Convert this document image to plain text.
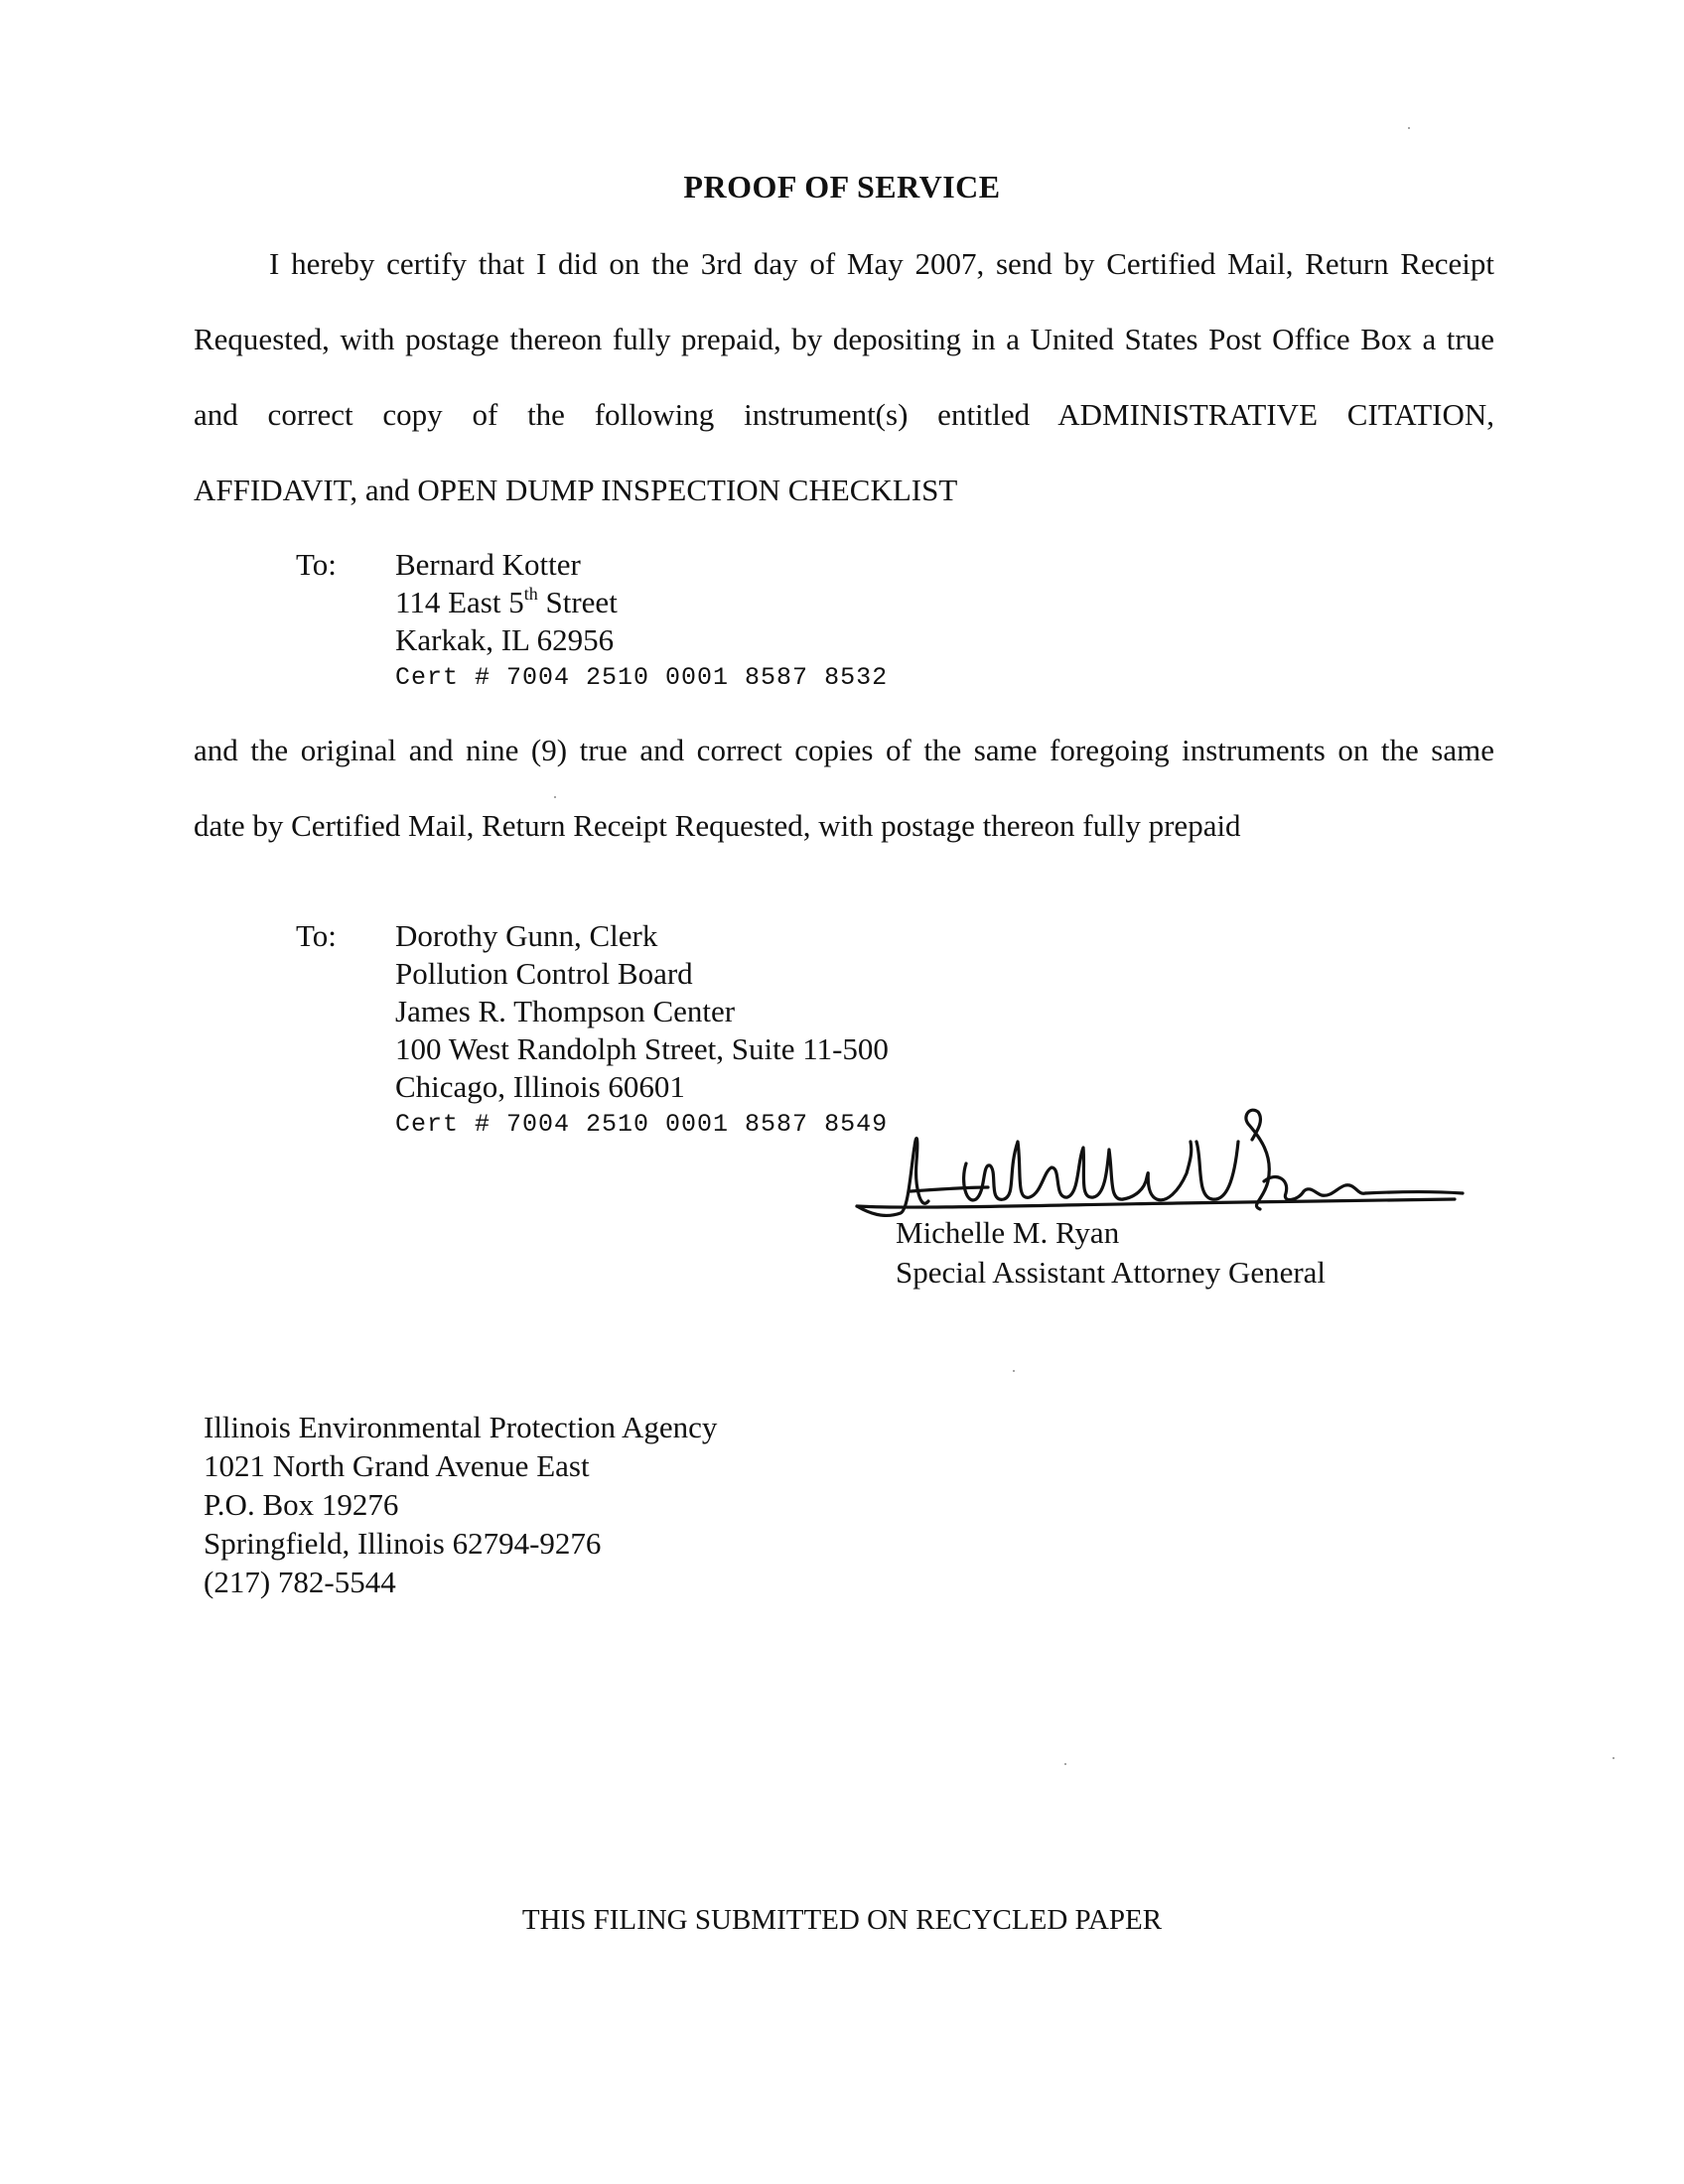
PROOF OF SERVICE
I hereby certify that I did on the 3rd day of May 2007, send by Certified Mail, Return Receipt
Requested, with postage thereon fully prepaid, by depositing in a United States Post Office Box a true
and correct copy of the following instrument(s) entitled ADMINISTRATIVE CITATION,
AFFIDAVIT, and OPEN DUMP INSPECTION CHECKLIST
To: Bernard Kotter
114 East 5th Street
Karkak, IL 62956
Cert # 7004 2510 0001 8587 8532
and the original and nine (9) true and correct copies of the same foregoing instruments on the same
date by Certified Mail, Return Receipt Requested, with postage thereon fully prepaid
To: Dorothy Gunn, Clerk
Pollution Control Board
James R. Thompson Center
100 West Randolph Street, Suite 11-500
Chicago, Illinois 60601
Cert # 7004 2510 0001 8587 8549
Michelle M. Ryan
Special Assistant Attorney General
Illinois Environmental Protection Agency
1021 North Grand Avenue East
P.O. Box 19276
Springfield, Illinois 62794-9276
(217) 782-5544
THIS FILING SUBMITTED ON RECYCLED PAPER
